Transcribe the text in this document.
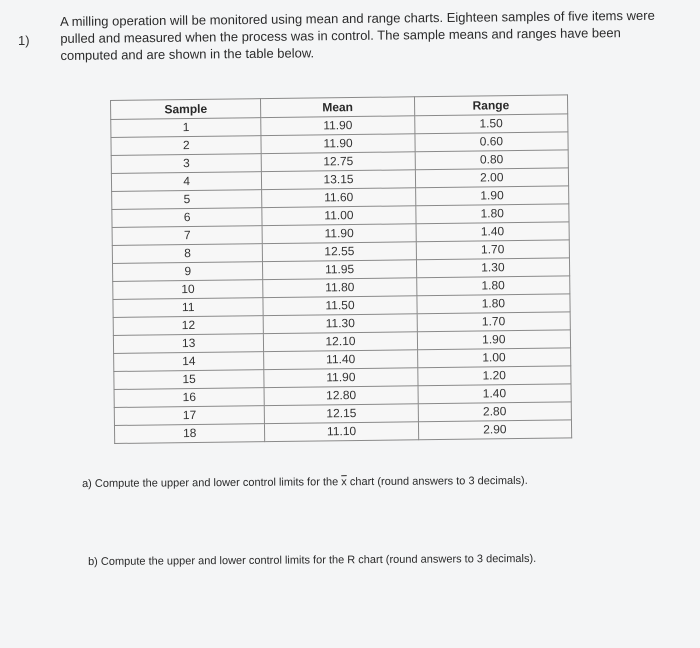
1)
A milling operation will be monitored using mean and range charts. Eighteen samples of five items were pulled and measured when the process was in control. The sample means and ranges have been computed and are shown in the table below.
Sample	Mean	Range
1	11.90	1.50
2	11.90	0.60
3	12.75	0.80
4	13.15	2.00
5	11.60	1.90
6	11.00	1.80
7	11.90	1.40
8	12.55	1.70
9	11.95	1.30
10	11.80	1.80
11	11.50	1.80
12	11.30	1.70
13	12.10	1.90
14	11.40	1.00
15	11.90	1.20
16	12.80	1.40
17	12.15	2.80
18	11.10	2.90
a) Compute the upper and lower control limits for the $\overline{x}$ chart (round answers to 3 decimals).
b) Compute the upper and lower control limits for the R chart (round answers to 3 decimals).
